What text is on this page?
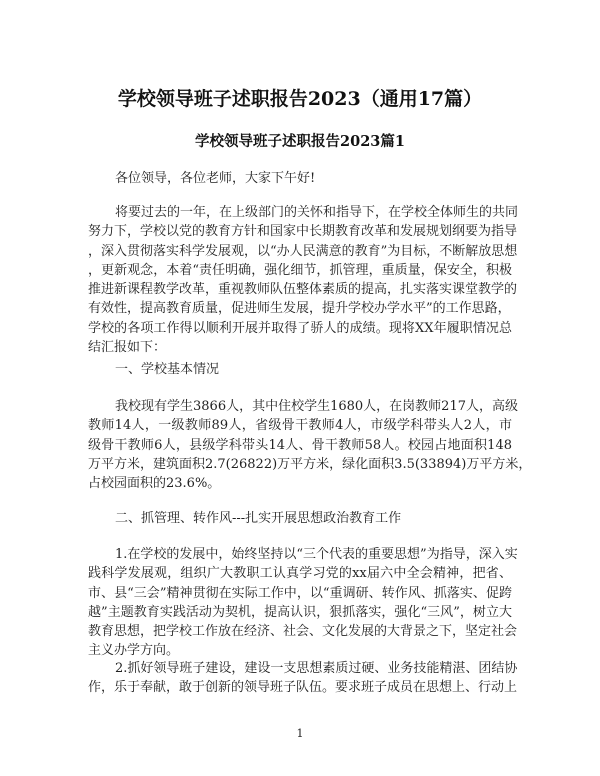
学校领导班子述职报告2023（通用17篇）
学校领导班子述职报告2023篇1
各位领导，各位老师，大家下午好!
将要过去的一年，在上级部门的关怀和指导下，在学校全体师生的共同
努力下，学校以党的教育方针和国家中长期教育改革和发展规划纲要为指导
，深入贯彻落实科学发展观，以“办人民满意的教育”为目标，不断解放思想
，更新观念，本着“责任明确，强化细节，抓管理，重质量，保安全，积极
推进新课程教学改革，重视教师队伍整体素质的提高，扎实落实课堂教学的
有效性，提高教育质量，促进师生发展，提升学校办学水平”的工作思路，
学校的各项工作得以顺利开展并取得了骄人的成绩。现将XX年履职情况总
结汇报如下：
一、学校基本情况
我校现有学生3866人，其中住校学生1680人，在岗教师217人，高级
教师14人，一级教师89人，省级骨干教师4人，市级学科带头人2人，市
级骨干教师6人，县级学科带头14人、骨干教师58人。校园占地面积148
万平方米，建筑面积2.7(26822)万平方米，绿化面积3.5(33894)万平方米，
占校园面积的23.6%。
二、抓管理、转作风---扎实开展思想政治教育工作
1.在学校的发展中，始终坚持以“三个代表的重要思想”为指导，深入实
践科学发展观，组织广大教职工认真学习党的xx届六中全会精神，把省、
市、县“三会”精神贯彻在实际工作中，以“重调研、转作风、抓落实、促跨
越”主题教育实践活动为契机，提高认识，狠抓落实，强化“三风”，树立大
教育思想，把学校工作放在经济、社会、文化发展的大背景之下，坚定社会
主义办学方向。
2.抓好领导班子建设，建设一支思想素质过硬、业务技能精湛、团结协
作，乐于奉献，敢于创新的领导班子队伍。要求班子成员在思想上、行动上
1
